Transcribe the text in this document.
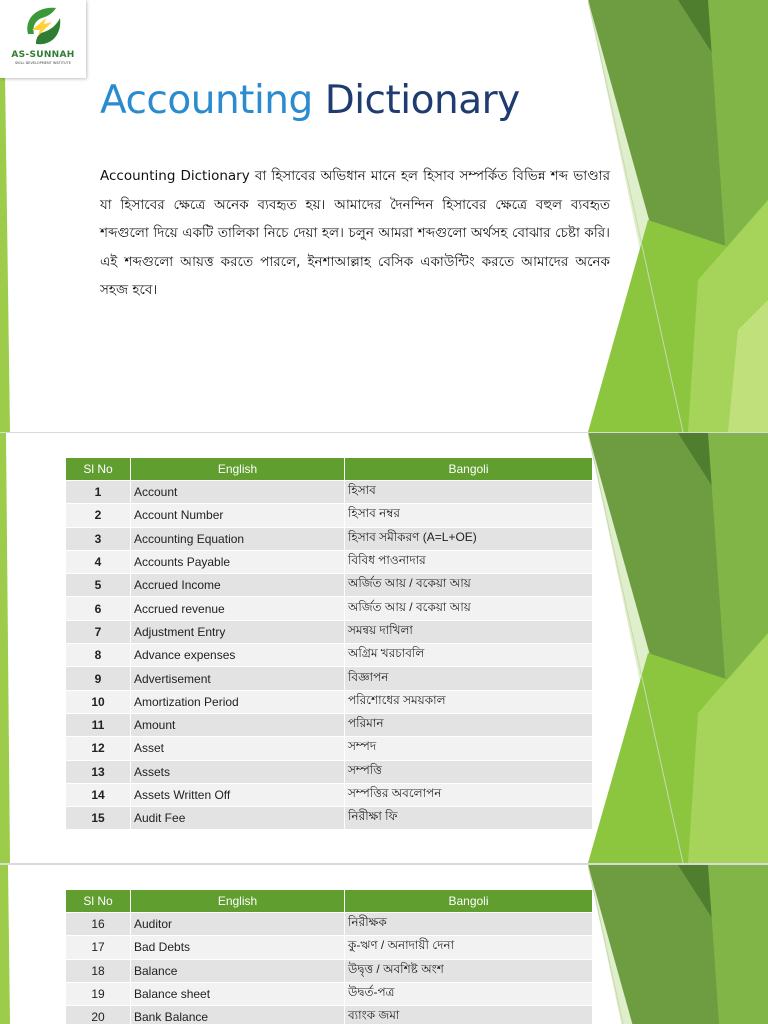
AS-SUNNAH
SKILL DEVELOPMENT INSTITUTE
Accounting Dictionary
Accounting Dictionary বা হিসাবের অভিধান মানে হল হিসাব সম্পর্কিত বিভিন্ন শব্দ ভাণ্ডার যা হিসাবের ক্ষেত্রে অনেক ব্যবহৃত হয়। আমাদের দৈনন্দিন হিসাবের ক্ষেত্রে বহুল ব্যবহৃত শব্দগুলো দিয়ে একটি তালিকা নিচে দেয়া হল। চলুন আমরা শব্দগুলো অর্থসহ বোঝার চেষ্টা করি। এই শব্দগুলো আয়ত্ত করতে পারলে, ইনশাআল্লাহ বেসিক একাউন্টিং করতে আমাদের অনেক সহজ হবে।
Sl No	English	Bangoli
1	Account	হিসাব
2	Account Number	হিসাব নম্বর
3	Accounting Equation	হিসাব সমীকরণ (A=L+OE)
4	Accounts Payable	বিবিধ পাওনাদার
5	Accrued Income	অর্জিত আয় / বকেয়া আয়
6	Accrued revenue	অর্জিত আয় / বকেয়া আয়
7	Adjustment Entry	সমন্বয় দাখিলা
8	Advance expenses	অগ্রিম খরচাবলি
9	Advertisement	বিজ্ঞাপন
10	Amortization Period	পরিশোধের সময়কাল
11	Amount	পরিমান
12	Asset	সম্পদ
13	Assets	সম্পত্তি
14	Assets Written Off	সম্পত্তির অবলোপন
15	Audit Fee	নিরীক্ষা ফি
Sl No	English	Bangoli
16	Auditor	নিরীক্ষক
17	Bad Debts	কু-ঋণ / অনাদায়ী দেনা
18	Balance	উদ্বৃত্ত / অবশিষ্ট অংশ
19	Balance sheet	উদ্বর্ত-পত্র
20	Bank Balance	ব্যাংক জমা
